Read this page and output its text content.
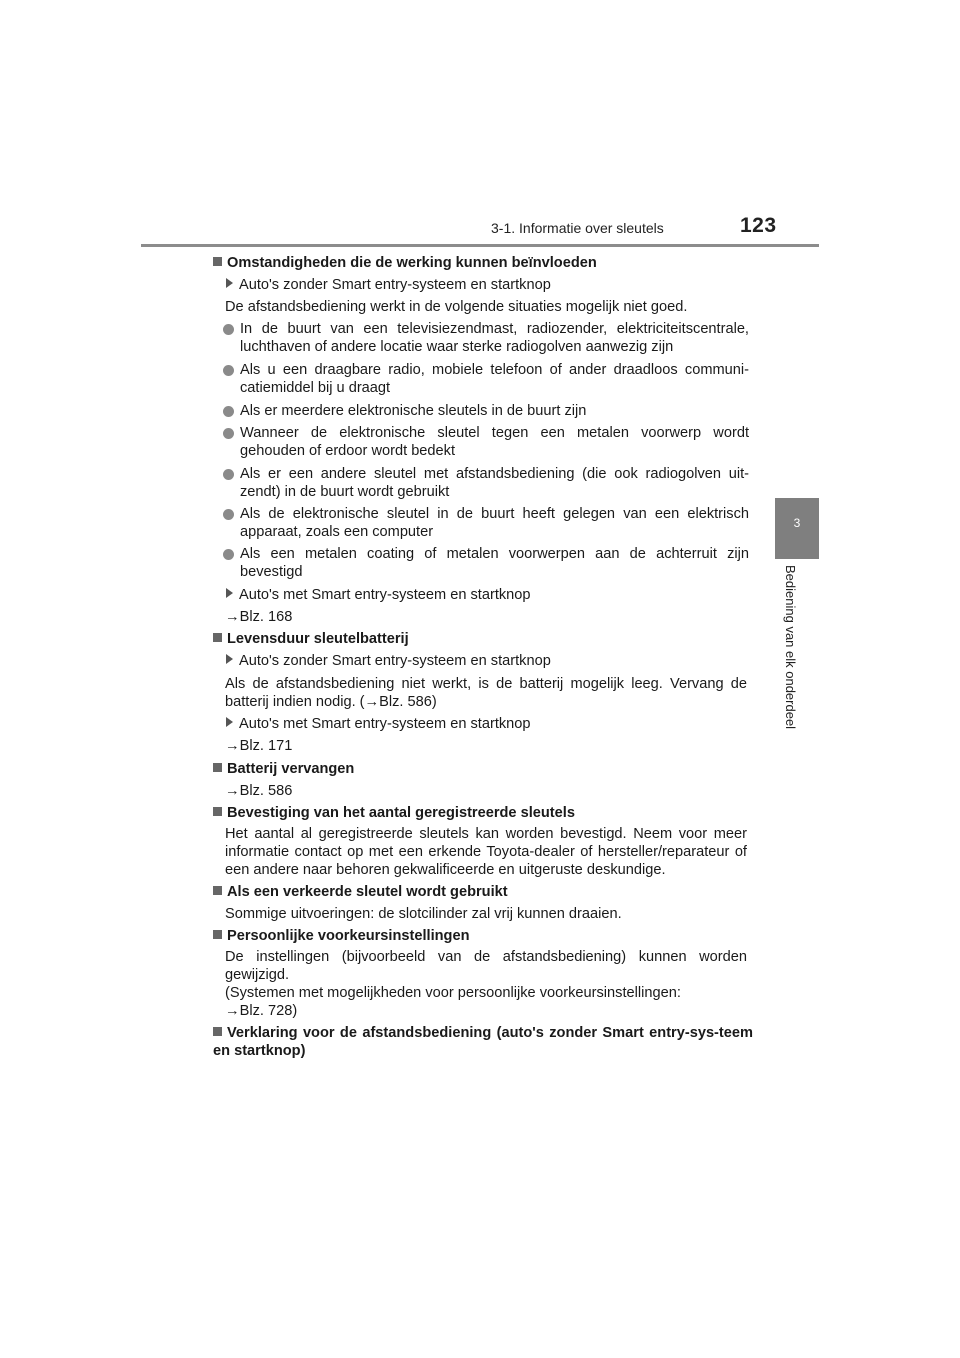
3-1. Informatie over sleutels	123
3
Bediening van elk onderdeel
Omstandigheden die de werking kunnen beïnvloeden
Auto's zonder Smart entry-systeem en startknop
De afstandsbediening werkt in de volgende situaties mogelijk niet goed.
In de buurt van een televisiezendmast, radiozender, elektriciteitscentrale, luchthaven of andere locatie waar sterke radiogolven aanwezig zijn
Als u een draagbare radio, mobiele telefoon of ander draadloos communi-catiemiddel bij u draagt
Als er meerdere elektronische sleutels in de buurt zijn
Wanneer de elektronische sleutel tegen een metalen voorwerp wordt gehouden of erdoor wordt bedekt
Als er een andere sleutel met afstandsbediening (die ook radiogolven uit-zendt) in de buurt wordt gebruikt
Als de elektronische sleutel in de buurt heeft gelegen van een elektrisch apparaat, zoals een computer
Als een metalen coating of metalen voorwerpen aan de achterruit zijn bevestigd
Auto's met Smart entry-systeem en startknop
→Blz. 168
Levensduur sleutelbatterij
Auto's zonder Smart entry-systeem en startknop
Als de afstandsbediening niet werkt, is de batterij mogelijk leeg. Vervang de batterij indien nodig. (→Blz. 586)
Auto's met Smart entry-systeem en startknop
→Blz. 171
Batterij vervangen
→Blz. 586
Bevestiging van het aantal geregistreerde sleutels
Het aantal al geregistreerde sleutels kan worden bevestigd. Neem voor meer informatie contact op met een erkende Toyota-dealer of hersteller/reparateur of een andere naar behoren gekwalificeerde en uitgeruste deskundige.
Als een verkeerde sleutel wordt gebruikt
Sommige uitvoeringen: de slotcilinder zal vrij kunnen draaien.
Persoonlijke voorkeursinstellingen
De instellingen (bijvoorbeeld van de afstandsbediening) kunnen worden gewijzigd.
(Systemen met mogelijkheden voor persoonlijke voorkeursinstellingen:
→Blz. 728)
Verklaring voor de afstandsbediening (auto's zonder Smart entry-sys-teem en startknop)
